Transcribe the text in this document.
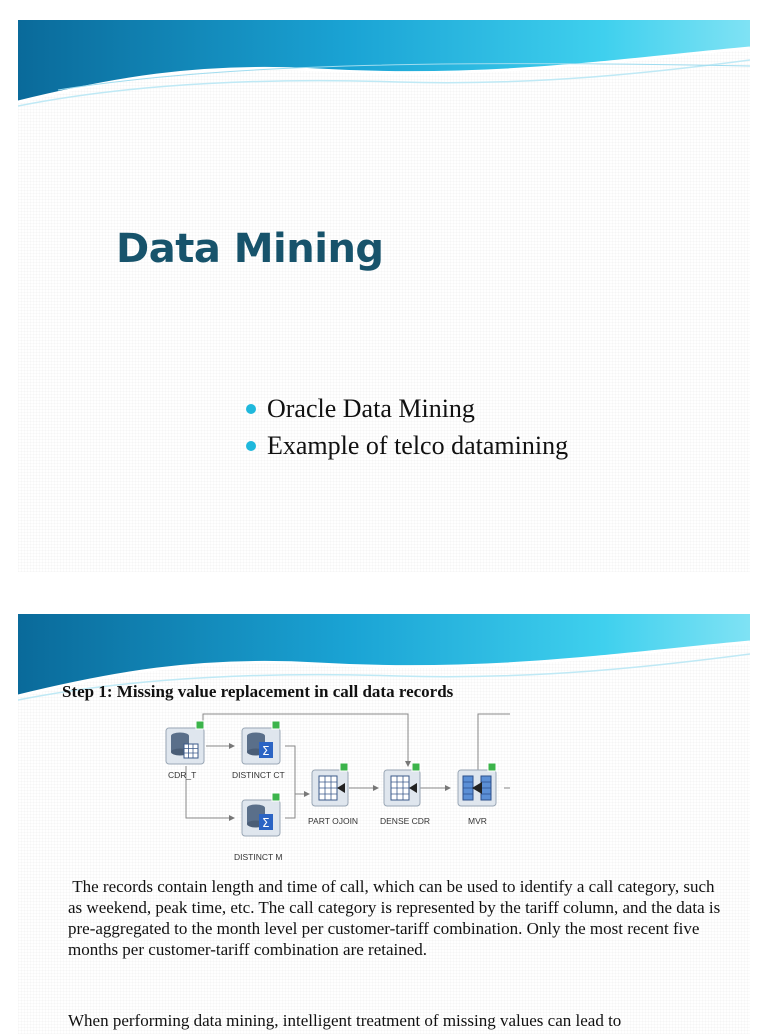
Data Mining
Oracle Data Mining
Example of telco datamining
Step 1: Missing value replacement in call data records
CDR_T
Σ
DISTINCT CT
Σ
DISTINCT M
PART OJOIN	DENSE CDR	MVR

The records contain length and time of call, which can be used to identify a call category, such as weekend, peak time, etc. The call category is represented by the tariff column, and the data is pre-aggregated to the month level per customer-tariff combination. Only the most recent five months per customer-tariff combination are retained.

When performing data mining, intelligent treatment of missing values can lead to
